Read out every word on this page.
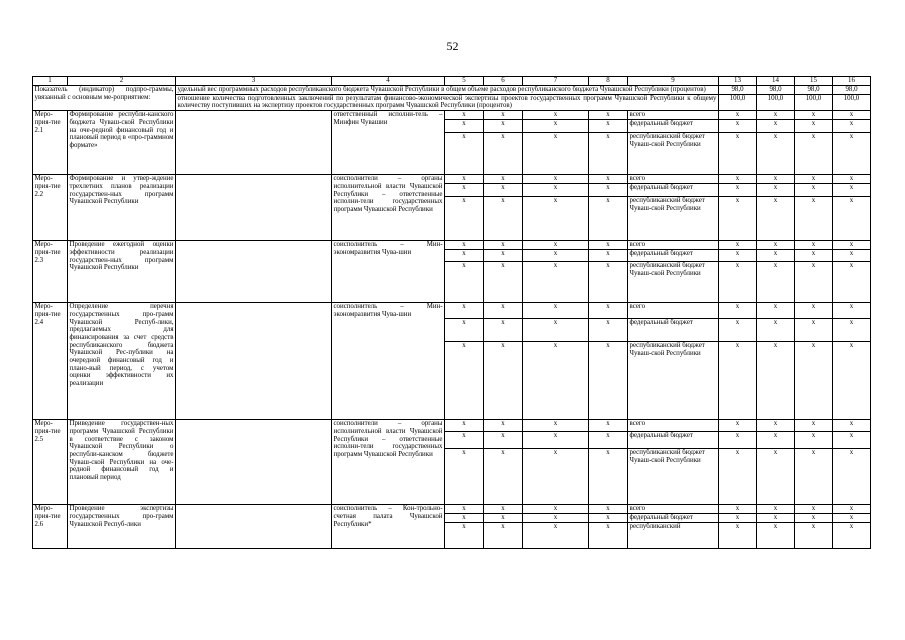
52
1	2	3	4	5	6	7	8	9	13	14	15	16
Показатель (индикатор) подпро-граммы, увязанный с основным ме-роприятием:		удельный вес программных расходов республиканского бюджета Чувашской Республики в общем объеме расходов республиканского бюджета Чувашской Республики (процентов)							98,0	98,0	98,0	98,0
		отношение количества подготовленных заключений по результатам финансово-экономической экспертизы проектов государственных программ Чувашской Республики к общему количеству поступивших на экспертизу проектов государственных программ Чувашской Республики (процентов)							100,0	100,0	100,0	100,0
Меро-прия-тие 2.1	Формирование республи-канского бюджета Чуваш-ской Республики на оче-редной финансовый год и плановый период в «про-граммном формате»		ответственный исполни-тель – Минфин Чувашии	x	x	x	x	всего	x	x	x	x
				x	x	x	x	федеральный бюджет	x	x	x	x
				x	x	x	x	республиканский бюджет Чуваш-ской Республики	x	x	x	x
Меро-прия-тие 2.2	Формирование и утвер-ждение трехлетних планов реализации государствен-ных программ Чувашской Республики		соисполнители – органы исполнительной власти Чувашской Республики – ответственные исполни-тели государственных программ Чувашской Республики	x	x	x	x	всего	x	x	x	x
				x	x	x	x	федеральный бюджет	x	x	x	x
				x	x	x	x	республиканский бюджет Чуваш-ской Республики	x	x	x	x
Меро-прия-тие 2.3	Проведение ежегодной оценки эффективности реализации государствен-ных программ Чувашской Республики		соисполнитель – Мин-экономразвития Чува-шии	x	x	x	x	всего	x	x	x	x
				x	x	x	x	федеральный бюджет	x	x	x	x
				x	x	x	x	республиканский бюджет Чуваш-ской Республики	x	x	x	x
Меро-прия-тие 2.4	Определение перечня государственных про-грамм Чувашской Респуб-лики, предлагаемых для финансирования за счет средств республиканского бюджета Чувашской Рес-публики на очередной финансовый год и плано-вый период, с учетом оценки эффективности их реализации		соисполнитель – Мин-экономразвития Чува-шии	x	x	x	x	всего	x	x	x	x
				x	x	x	x	федеральный бюджет	x	x	x	x
				x	x	x	x	республиканский бюджет Чуваш-ской Республики	x	x	x	x
Меро-прия-тие 2.5	Приведение государствен-ных программ Чувашской Республики в соответствие с законом Чувашской Республики о республи-канском бюджете Чуваш-ской Республики на оче-редной финансовый год и плановый период		соисполнители – органы исполнительной власти Чувашской Республики – ответственные исполни-тели государственных программ Чувашской Республики	x	x	x	x	всего	x	x	x	x
				x	x	x	x	федеральный бюджет	x	x	x	x
				x	x	x	x	республиканский бюджет Чуваш-ской Республики	x	x	x	x
Меро-прия-тие 2.6	Проведение экспертизы государственных про-грамм Чувашской Респуб-лики		соисполнитель – Кон-трольно-счетная палата Чувашской Республики*	x	x	x	x	всего	x	x	x	x
				x	x	x	x	федеральный бюджет	x	x	x	x
				x	x	x	x	республиканский	x	x	x	x
